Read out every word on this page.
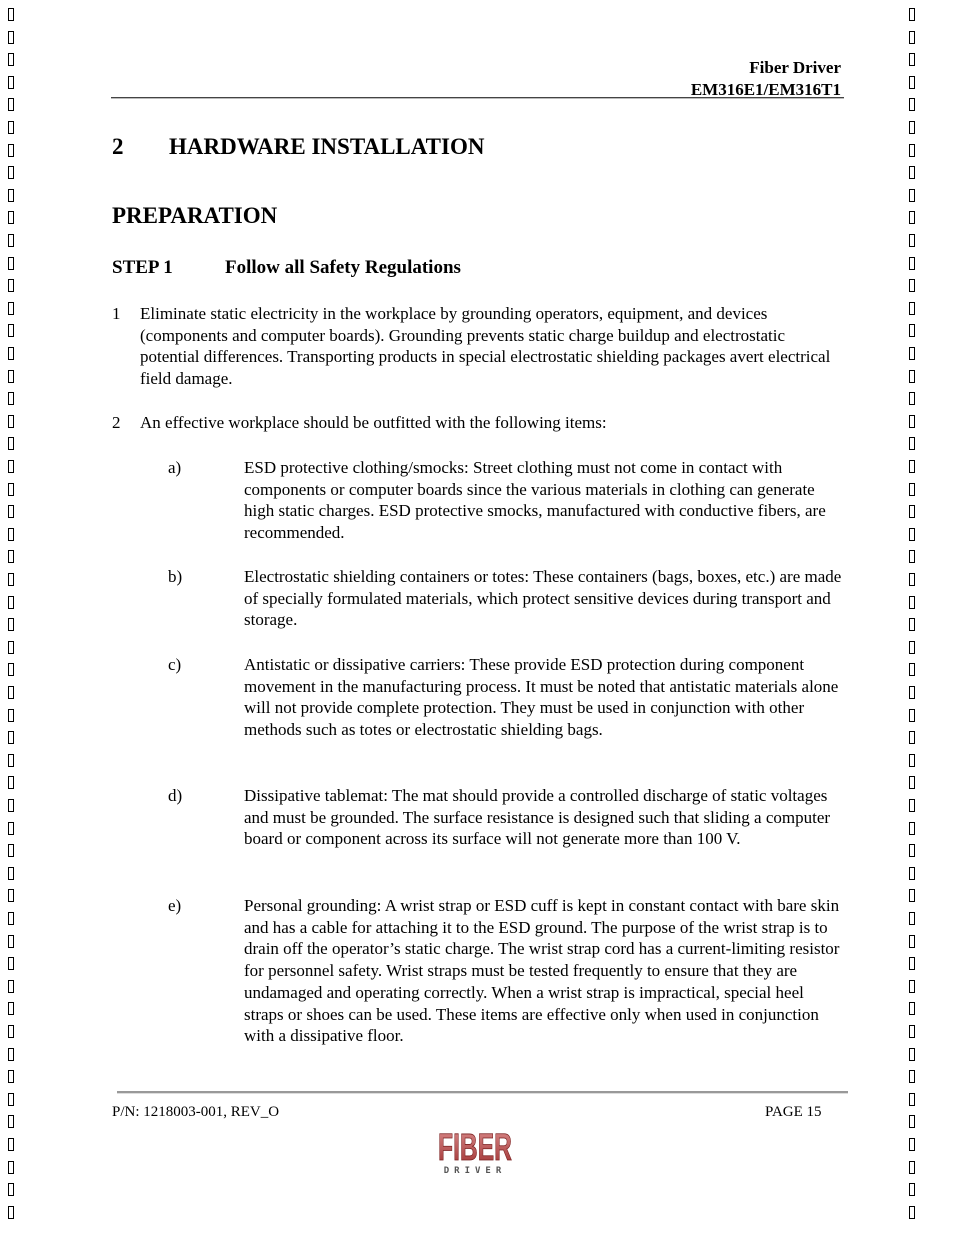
Fiber Driver
EM316E1/EM316T1
2 HARDWARE INSTALLATION
PREPARATION
STEP 1	Follow all Safety Regulations
1 Eliminate static electricity in the workplace by grounding operators, equipment, and devices (components and computer boards). Grounding prevents static charge buildup and electrostatic potential differences. Transporting products in special electrostatic shielding packages avert electrical field damage.
2 An effective workplace should be outfitted with the following items:
a)	ESD protective clothing/smocks: Street clothing must not come in contact with components or computer boards since the various materials in clothing can generate high static charges. ESD protective smocks, manufactured with conductive fibers, are recommended.
b)	Electrostatic shielding containers or totes: These containers (bags, boxes, etc.) are made of specially formulated materials, which protect sensitive devices during transport and storage.
c)	Antistatic or dissipative carriers: These provide ESD protection during component movement in the manufacturing process. It must be noted that antistatic materials alone will not provide complete protection. They must be used in conjunction with other methods such as totes or electrostatic shielding bags.
d)	Dissipative tablemat: The mat should provide a controlled discharge of static voltages and must be grounded. The surface resistance is designed such that sliding a computer board or component across its surface will not generate more than 100 V.
e)	Personal grounding: A wrist strap or ESD cuff is kept in constant contact with bare skin and has a cable for attaching it to the ESD ground. The purpose of the wrist strap is to drain off the operator’s static charge. The wrist strap cord has a current-limiting resistor for personnel safety. Wrist straps must be tested frequently to ensure that they are undamaged and operating correctly. When a wrist strap is impractical, special heel straps or shoes can be used. These items are effective only when used in conjunction with a dissipative floor.
P/N: 1218003-001, REV_O	PAGE 15
FIBER
DRIVER
